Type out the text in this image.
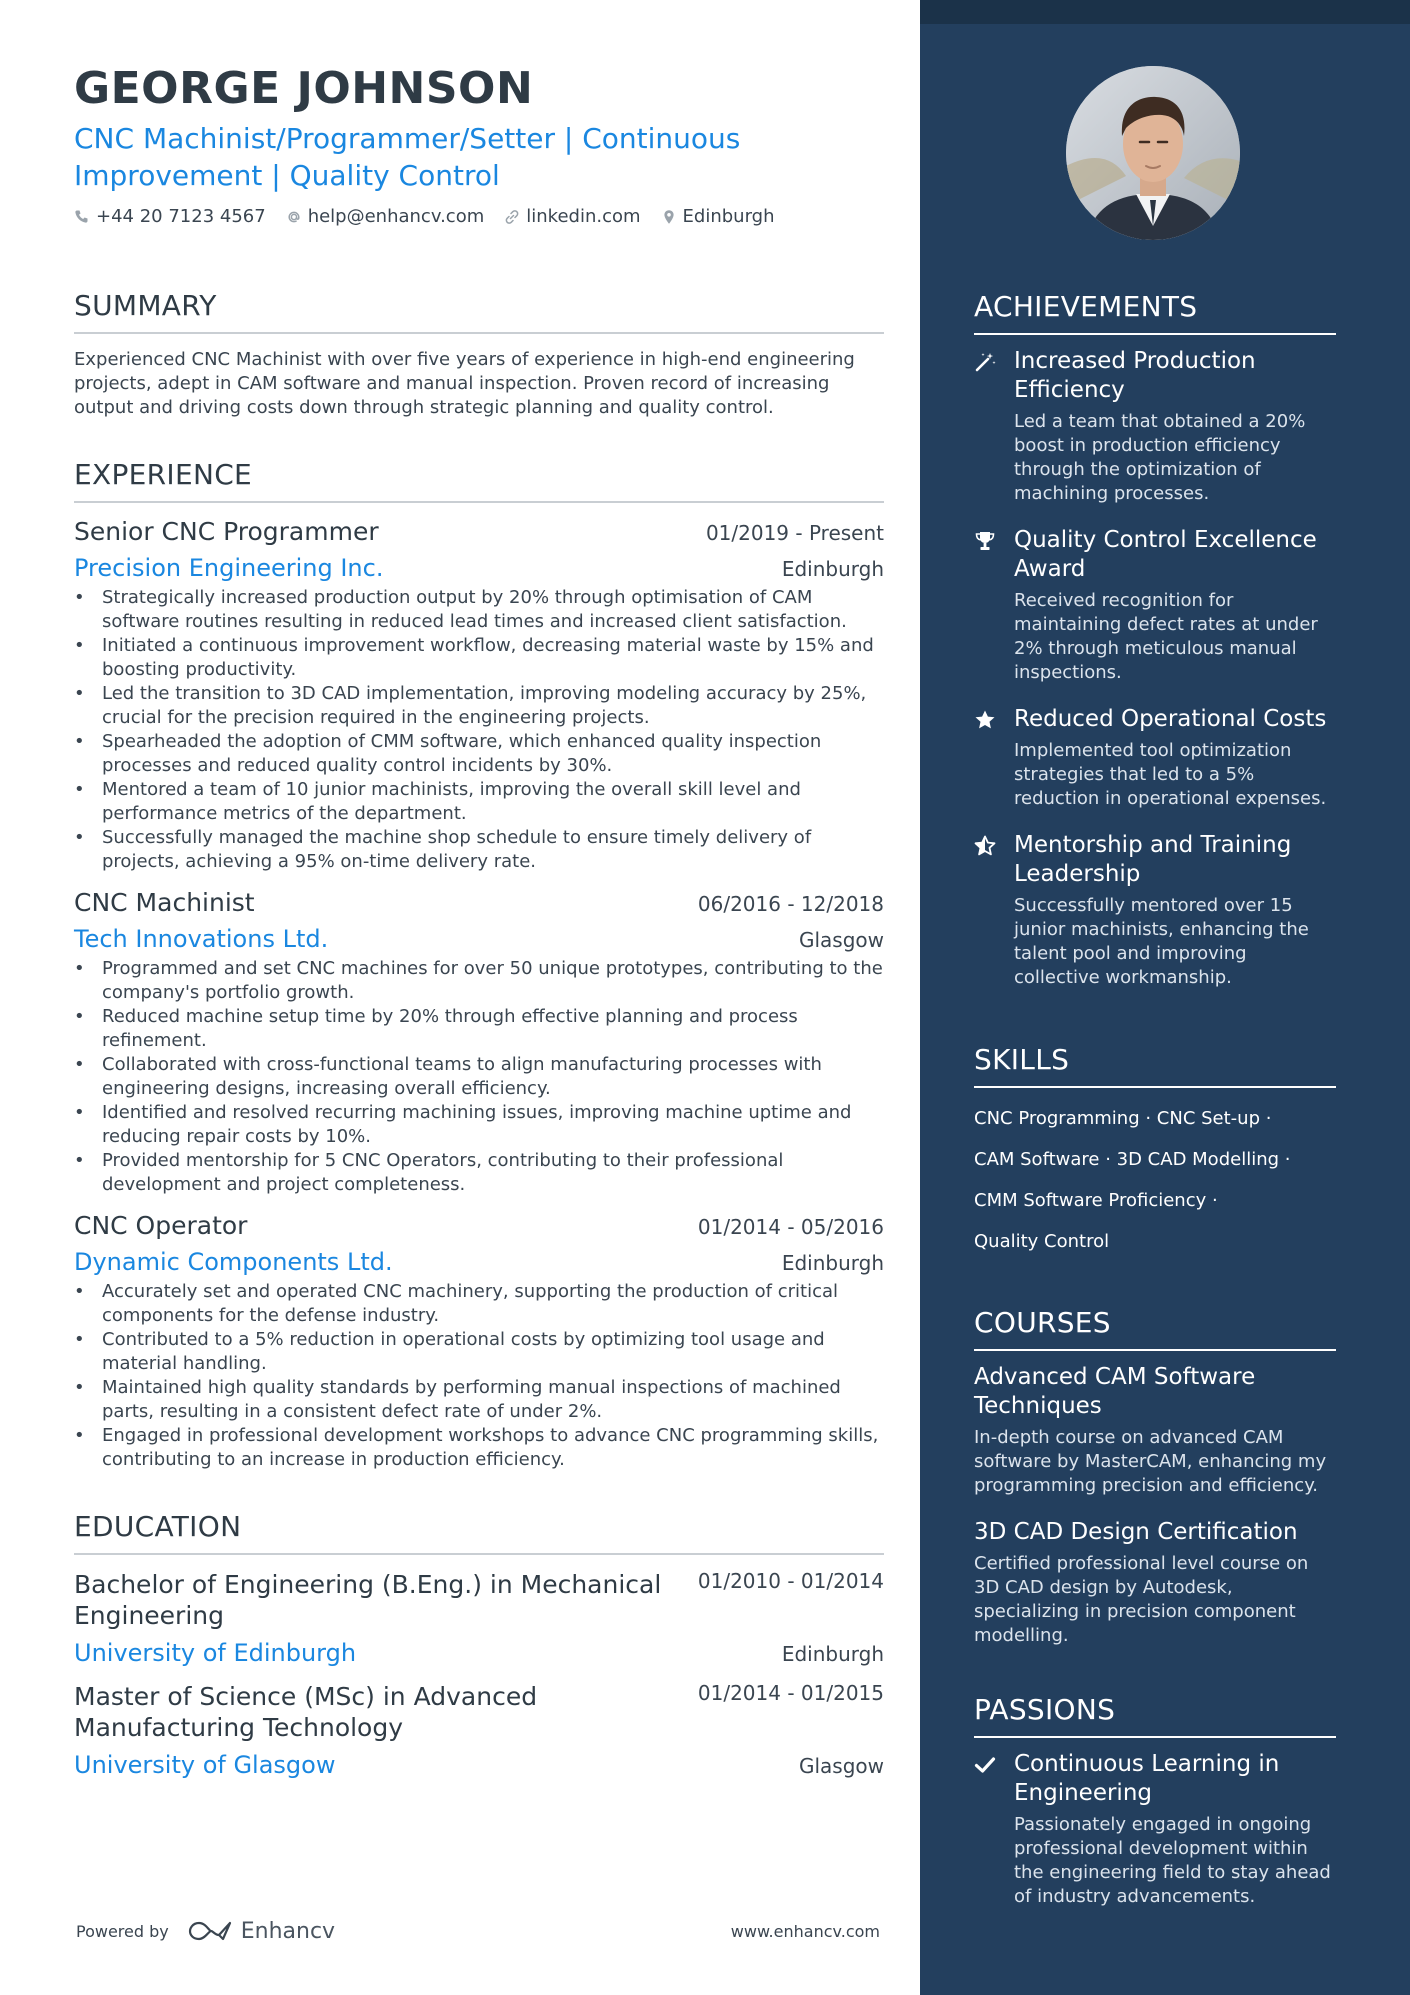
GEORGE JOHNSON
CNC Machinist/Programmer/Setter | Continuous Improvement | Quality Control
+44 20 7123 4567 help@enhancv.com linkedin.com Edinburgh
SUMMARY
Experienced CNC Machinist with over five years of experience in high-end engineering projects, adept in CAM software and manual inspection. Proven record of increasing output and driving costs down through strategic planning and quality control.
EXPERIENCE
Senior CNC Programmer	01/2019 - Present
Precision Engineering Inc.	Edinburgh
• Strategically increased production output by 20% through optimisation of CAM software routines resulting in reduced lead times and increased client satisfaction.
• Initiated a continuous improvement workflow, decreasing material waste by 15% and boosting productivity.
• Led the transition to 3D CAD implementation, improving modeling accuracy by 25%, crucial for the precision required in the engineering projects.
• Spearheaded the adoption of CMM software, which enhanced quality inspection processes and reduced quality control incidents by 30%.
• Mentored a team of 10 junior machinists, improving the overall skill level and performance metrics of the department.
• Successfully managed the machine shop schedule to ensure timely delivery of projects, achieving a 95% on-time delivery rate.
CNC Machinist	06/2016 - 12/2018
Tech Innovations Ltd.	Glasgow
• Programmed and set CNC machines for over 50 unique prototypes, contributing to the company's portfolio growth.
• Reduced machine setup time by 20% through effective planning and process refinement.
• Collaborated with cross-functional teams to align manufacturing processes with engineering designs, increasing overall efficiency.
• Identified and resolved recurring machining issues, improving machine uptime and reducing repair costs by 10%.
• Provided mentorship for 5 CNC Operators, contributing to their professional development and project completeness.
CNC Operator	01/2014 - 05/2016
Dynamic Components Ltd.	Edinburgh
• Accurately set and operated CNC machinery, supporting the production of critical components for the defense industry.
• Contributed to a 5% reduction in operational costs by optimizing tool usage and material handling.
• Maintained high quality standards by performing manual inspections of machined parts, resulting in a consistent defect rate of under 2%.
• Engaged in professional development workshops to advance CNC programming skills, contributing to an increase in production efficiency.
EDUCATION
Bachelor of Engineering (B.Eng.) in Mechanical Engineering
01/2010 - 01/2014
University of Edinburgh	Edinburgh
Master of Science (MSc) in Advanced Manufacturing Technology
01/2014 - 01/2015
University of Glasgow	Glasgow
Powered by	Enhancv	www.enhancv.com
ACHIEVEMENTS
Increased Production Efficiency
Led a team that obtained a 20% boost in production efficiency through the optimization of machining processes.
Quality Control Excellence Award
Received recognition for maintaining defect rates at under 2% through meticulous manual inspections.
Reduced Operational Costs
Implemented tool optimization strategies that led to a 5% reduction in operational expenses.
Mentorship and Training Leadership
Successfully mentored over 15 junior machinists, enhancing the talent pool and improving collective workmanship.
SKILLS
CNC Programming · CNC Set-up ·
CAM Software · 3D CAD Modelling ·
CMM Software Proficiency ·
Quality Control
COURSES
Advanced CAM Software Techniques
In-depth course on advanced CAM software by MasterCAM, enhancing my programming precision and efficiency.
3D CAD Design Certification
Certified professional level course on 3D CAD design by Autodesk, specializing in precision component modelling.
PASSIONS
Continuous Learning in Engineering
Passionately engaged in ongoing professional development within the engineering field to stay ahead of industry advancements.
